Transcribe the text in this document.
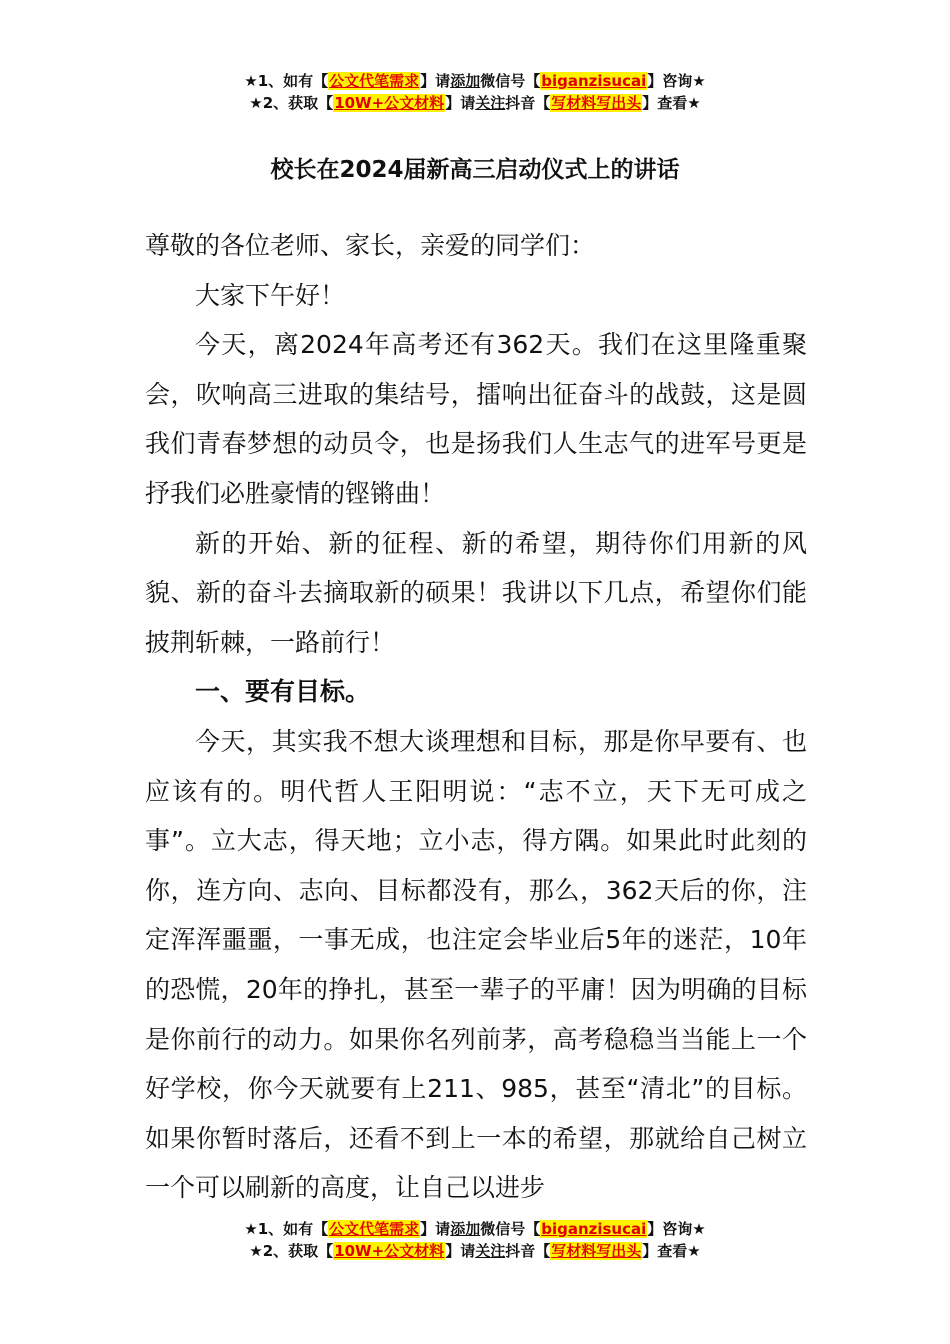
★1、如有【公文代笔需求】请添加微信号【biganzisucai】咨询★
★2、获取【10W+公文材料】请关注抖音【写材料写出头】查看★
校长在2024届新高三启动仪式上的讲话

尊敬的各位老师、家长，亲爱的同学们：

大家下午好！

今天，离2024年高考还有362天。我们在这里隆重聚会，吹响高三进取的集结号，擂响出征奋斗的战鼓，这是圆我们青春梦想的动员令，也是扬我们人生志气的进军号更是抒我们必胜豪情的铿锵曲！

新的开始、新的征程、新的希望，期待你们用新的风貌、新的奋斗去摘取新的硕果！我讲以下几点，希望你们能披荆斩棘，一路前行！

一、要有目标。

今天，其实我不想大谈理想和目标，那是你早要有、也应该有的。明代哲人王阳明说：“志不立，天下无可成之事”。立大志，得天地；立小志，得方隅。如果此时此刻的你，连方向、志向、目标都没有，那么，362天后的你，注定浑浑噩噩，一事无成，也注定会毕业后5年的迷茫，10年的恐慌，20年的挣扎，甚至一辈子的平庸！因为明确的目标是你前行的动力。如果你名列前茅，高考稳稳当当能上一个好学校，你今天就要有上211、985，甚至“清北”的目标。如果你暂时落后，还看不到上一本的希望，那就给自己树立一个可以刷新的高度，让自己以进步

★1、如有【公文代笔需求】请添加微信号【biganzisucai】咨询★
★2、获取【10W+公文材料】请关注抖音【写材料写出头】查看★
